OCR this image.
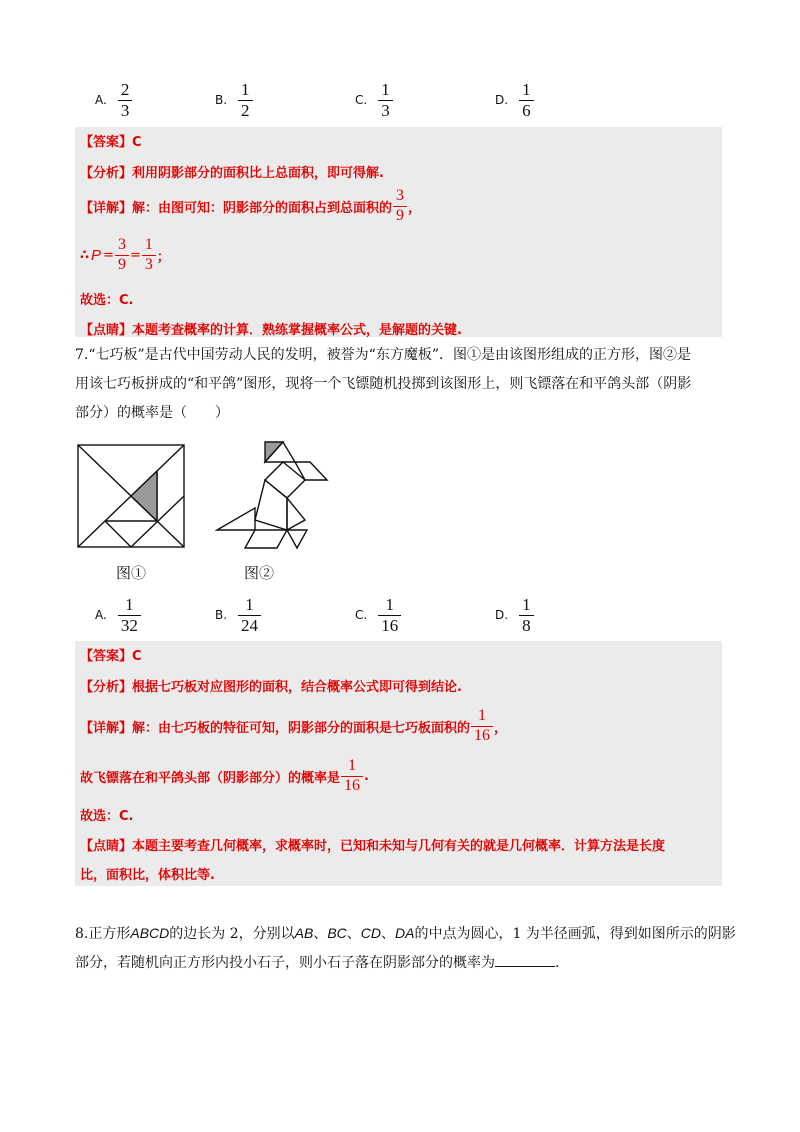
A. $\frac{2}{3}$	B. $\frac{1}{2}$	C. $\frac{1}{3}$	D. $\frac{1}{6}$
【答案】C
【分析】利用阴影部分的面积比上总面积，即可得解.
【详解】解：由图可知：阴影部分的面积占到总面积的 $\frac{3}{9}$ ，
∴ $P = \frac{3}{9} = \frac{1}{3}$ ；
故选：C.
【点睛】本题考查概率的计算．熟练掌握概率公式，是解题的关键.
7.“七巧板”是古代中国劳动人民的发明，被誉为“东方魔板”．图①是由该图形组成的正方形，图②是
用该七巧板拼成的“和平鸽”图形，现将一个飞镖随机投掷到该图形上，则飞镖落在和平鸽头部（阴影
部分）的概率是（　　）
图①	图②
A. $\frac{1}{32}$	B. $\frac{1}{24}$	C. $\frac{1}{16}$	D. $\frac{1}{8}$
【答案】C
【分析】根据七巧板对应图形的面积，结合概率公式即可得到结论.
【详解】解：由七巧板的特征可知，阴影部分的面积是七巧板面积的 $\frac{1}{16}$ ，
故飞镖落在和平鸽头部（阴影部分）的概率是 $\frac{1}{16}$ .
故选：C.
【点睛】本题主要考查几何概率，求概率时，已知和未知与几何有关的就是几何概率．计算方法是长度
比，面积比，体积比等.
8.正方形ABCD的边长为 2，分别以AB、BC、CD、DA的中点为圆心，1 为半径画弧，得到如图所示的阴影
部分，若随机向正方形内投小石子，则小石子落在阴影部分的概率为	.
